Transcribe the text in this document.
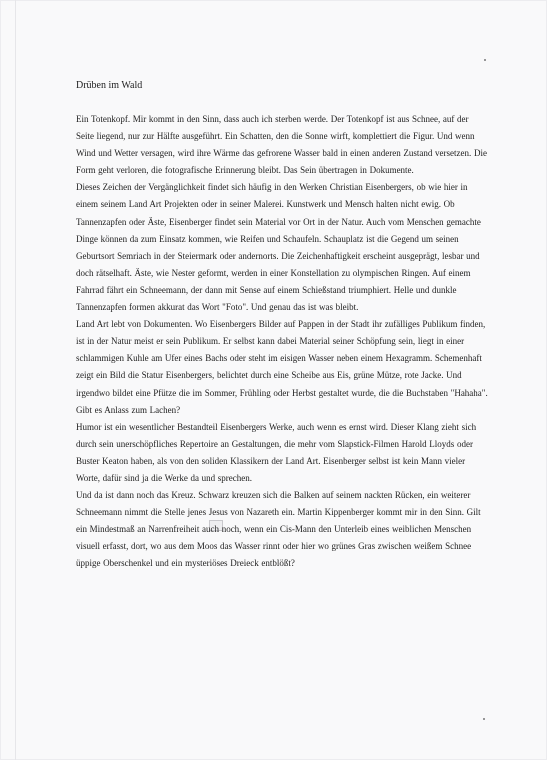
Drüben im Wald

Ein Totenkopf. Mir kommt in den Sinn, dass auch ich sterben werde. Der Totenkopf ist aus Schnee, auf der Seite liegend, nur zur Hälfte ausgeführt. Ein Schatten, den die Sonne wirft, komplettiert die Figur. Und wenn Wind und Wetter versagen, wird ihre Wärme das gefrorene Wasser bald in einen anderen Zustand versetzen. Die Form geht verloren, die fotografische Erinnerung bleibt. Das Sein übertragen in Dokumente.

Dieses Zeichen der Vergänglichkeit findet sich häufig in den Werken Christian Eisenbergers, ob wie hier in einem seinem Land Art Projekten oder in seiner Malerei. Kunstwerk und Mensch halten nicht ewig. Ob Tannenzapfen oder Äste, Eisenberger findet sein Material vor Ort in der Natur. Auch vom Menschen gemachte Dinge können da zum Einsatz kommen, wie Reifen und Schaufeln. Schauplatz ist die Gegend um seinen Geburtsort Semriach in der Steiermark oder andernorts. Die Zeichenhaftigkeit erscheint ausgeprägt, lesbar und doch rätselhaft. Äste, wie Nester geformt, werden in einer Konstellation zu olympischen Ringen. Auf einem Fahrrad fährt ein Schneemann, der dann mit Sense auf einem Schießstand triumphiert. Helle und dunkle Tannenzapfen formen akkurat das Wort "Foto". Und genau das ist was bleibt.

Land Art lebt von Dokumenten. Wo Eisenbergers Bilder auf Pappen in der Stadt ihr zufälliges Publikum finden, ist in der Natur meist er sein Publikum. Er selbst kann dabei Material seiner Schöpfung sein, liegt in einer schlammigen Kuhle am Ufer eines Bachs oder steht im eisigen Wasser neben einem Hexagramm. Schemenhaft zeigt ein Bild die Statur Eisenbergers, belichtet durch eine Scheibe aus Eis, grüne Mütze, rote Jacke. Und irgendwo bildet eine Pfütze die im Sommer, Frühling oder Herbst gestaltet wurde, die die Buchstaben "Hahaha". Gibt es Anlass zum Lachen?

Humor ist ein wesentlicher Bestandteil Eisenbergers Werke, auch wenn es ernst wird. Dieser Klang zieht sich durch sein unerschöpfliches Repertoire an Gestaltungen, die mehr vom Slapstick-Filmen Harold Lloyds oder Buster Keaton haben, als von den soliden Klassikern der Land Art. Eisenberger selbst ist kein Mann vieler Worte, dafür sind ja die Werke da und sprechen.

Und da ist dann noch das Kreuz. Schwarz kreuzen sich die Balken auf seinem nackten Rücken, ein weiterer Schneemann nimmt die Stelle jenes Jesus von Nazareth ein. Martin Kippenberger kommt mir in den Sinn. Gilt ein Mindestmaß an Narrenfreiheit auch noch, wenn ein Cis-Mann den Unterleib eines weiblichen Menschen visuell erfasst, dort, wo aus dem Moos das Wasser rinnt oder hier wo grünes Gras zwischen weißem Schnee üppige Oberschenkel und ein mysteriöses Dreieck entblößt?
